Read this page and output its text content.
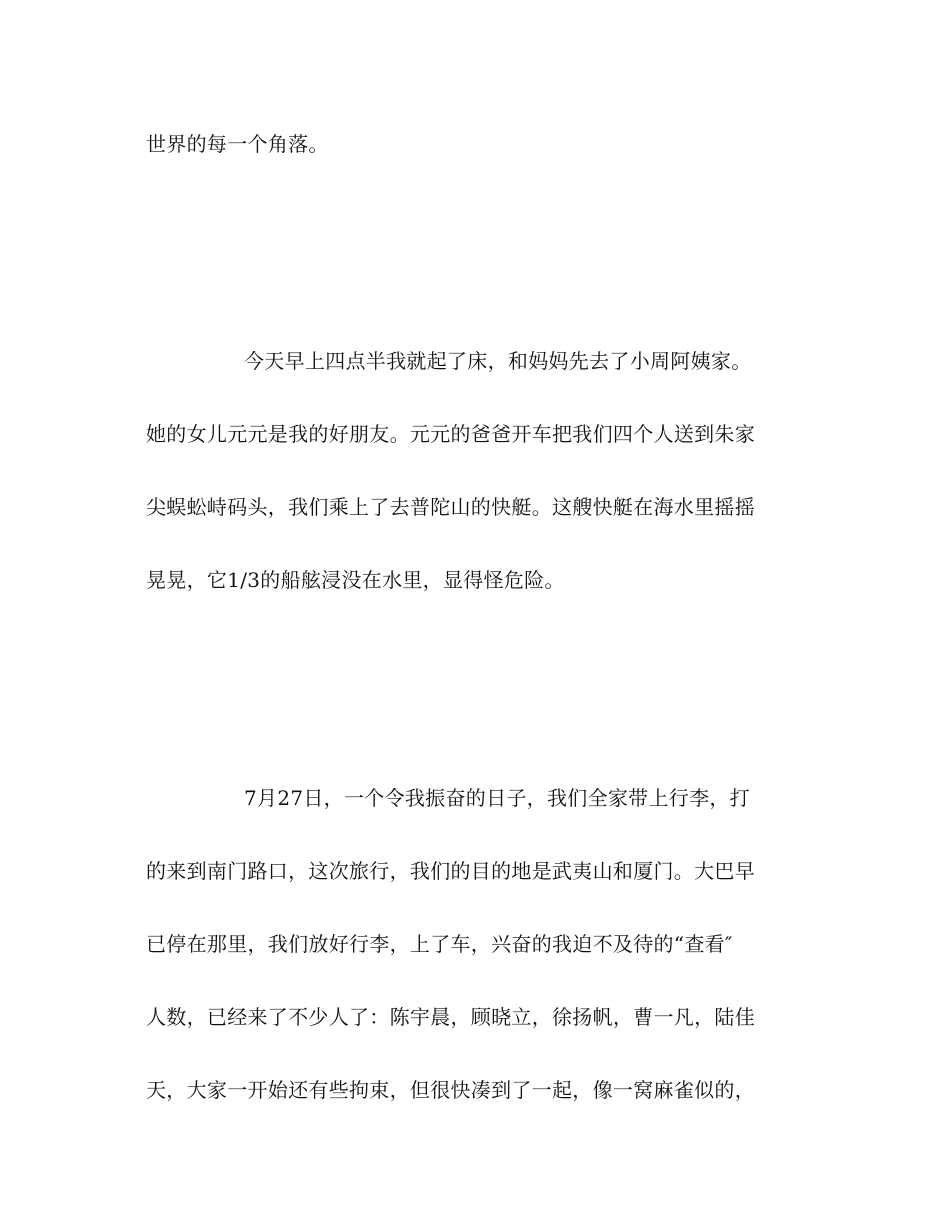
世界的每一个角落。
今天早上四点半我就起了床，和妈妈先去了小周阿姨家。
她的女儿元元是我的好朋友。元元的爸爸开车把我们四个人送到朱家
尖蜈蚣峙码头，我们乘上了去普陀山的快艇。这艘快艇在海水里摇摇
晃晃，它1/3的船舷浸没在水里，显得怪危险。
7月27日，一个令我振奋的日子，我们全家带上行李，打
的来到南门路口，这次旅行，我们的目的地是武夷山和厦门。大巴早
已停在那里，我们放好行李，上了车，兴奋的我迫不及待的“查看″
人数，已经来了不少人了：陈宇晨，顾晓立，徐扬帆，曹一凡，陆佳
天，大家一开始还有些拘束，但很快凑到了一起，像一窝麻雀似的，
